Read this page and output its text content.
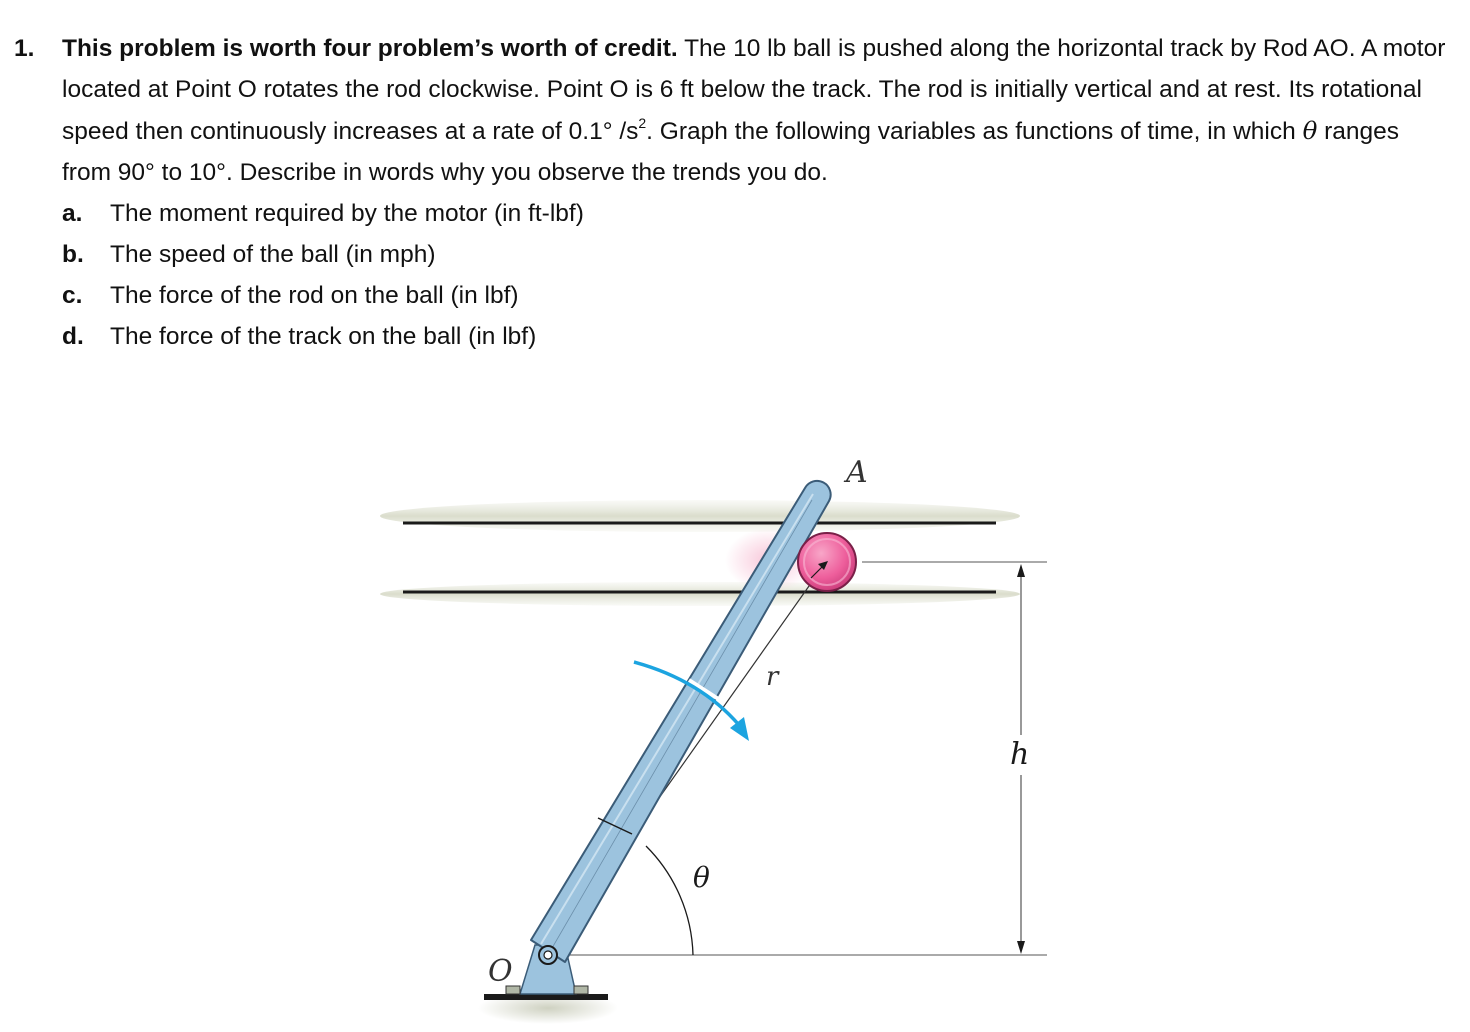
1.	This problem is worth four problem’s worth of credit. The 10 lb ball is pushed along the horizontal track by Rod AO. A motor located at Point O rotates the rod clockwise. Point O is 6 ft below the track. The rod is initially vertical and at rest. Its rotational speed then continuously increases at a rate of 0.1° $/s^2$. Graph the following variables as functions of time, in which θ ranges from 90° to 10°. Describe in words why you observe the trends you do.
a.	The moment required by the motor (in ft-lbf)
b.	The speed of the ball (in mph)
c.	The force of the rod on the ball (in lbf)
d.	The force of the track on the ball (in lbf)
A
O
r
h
θ
